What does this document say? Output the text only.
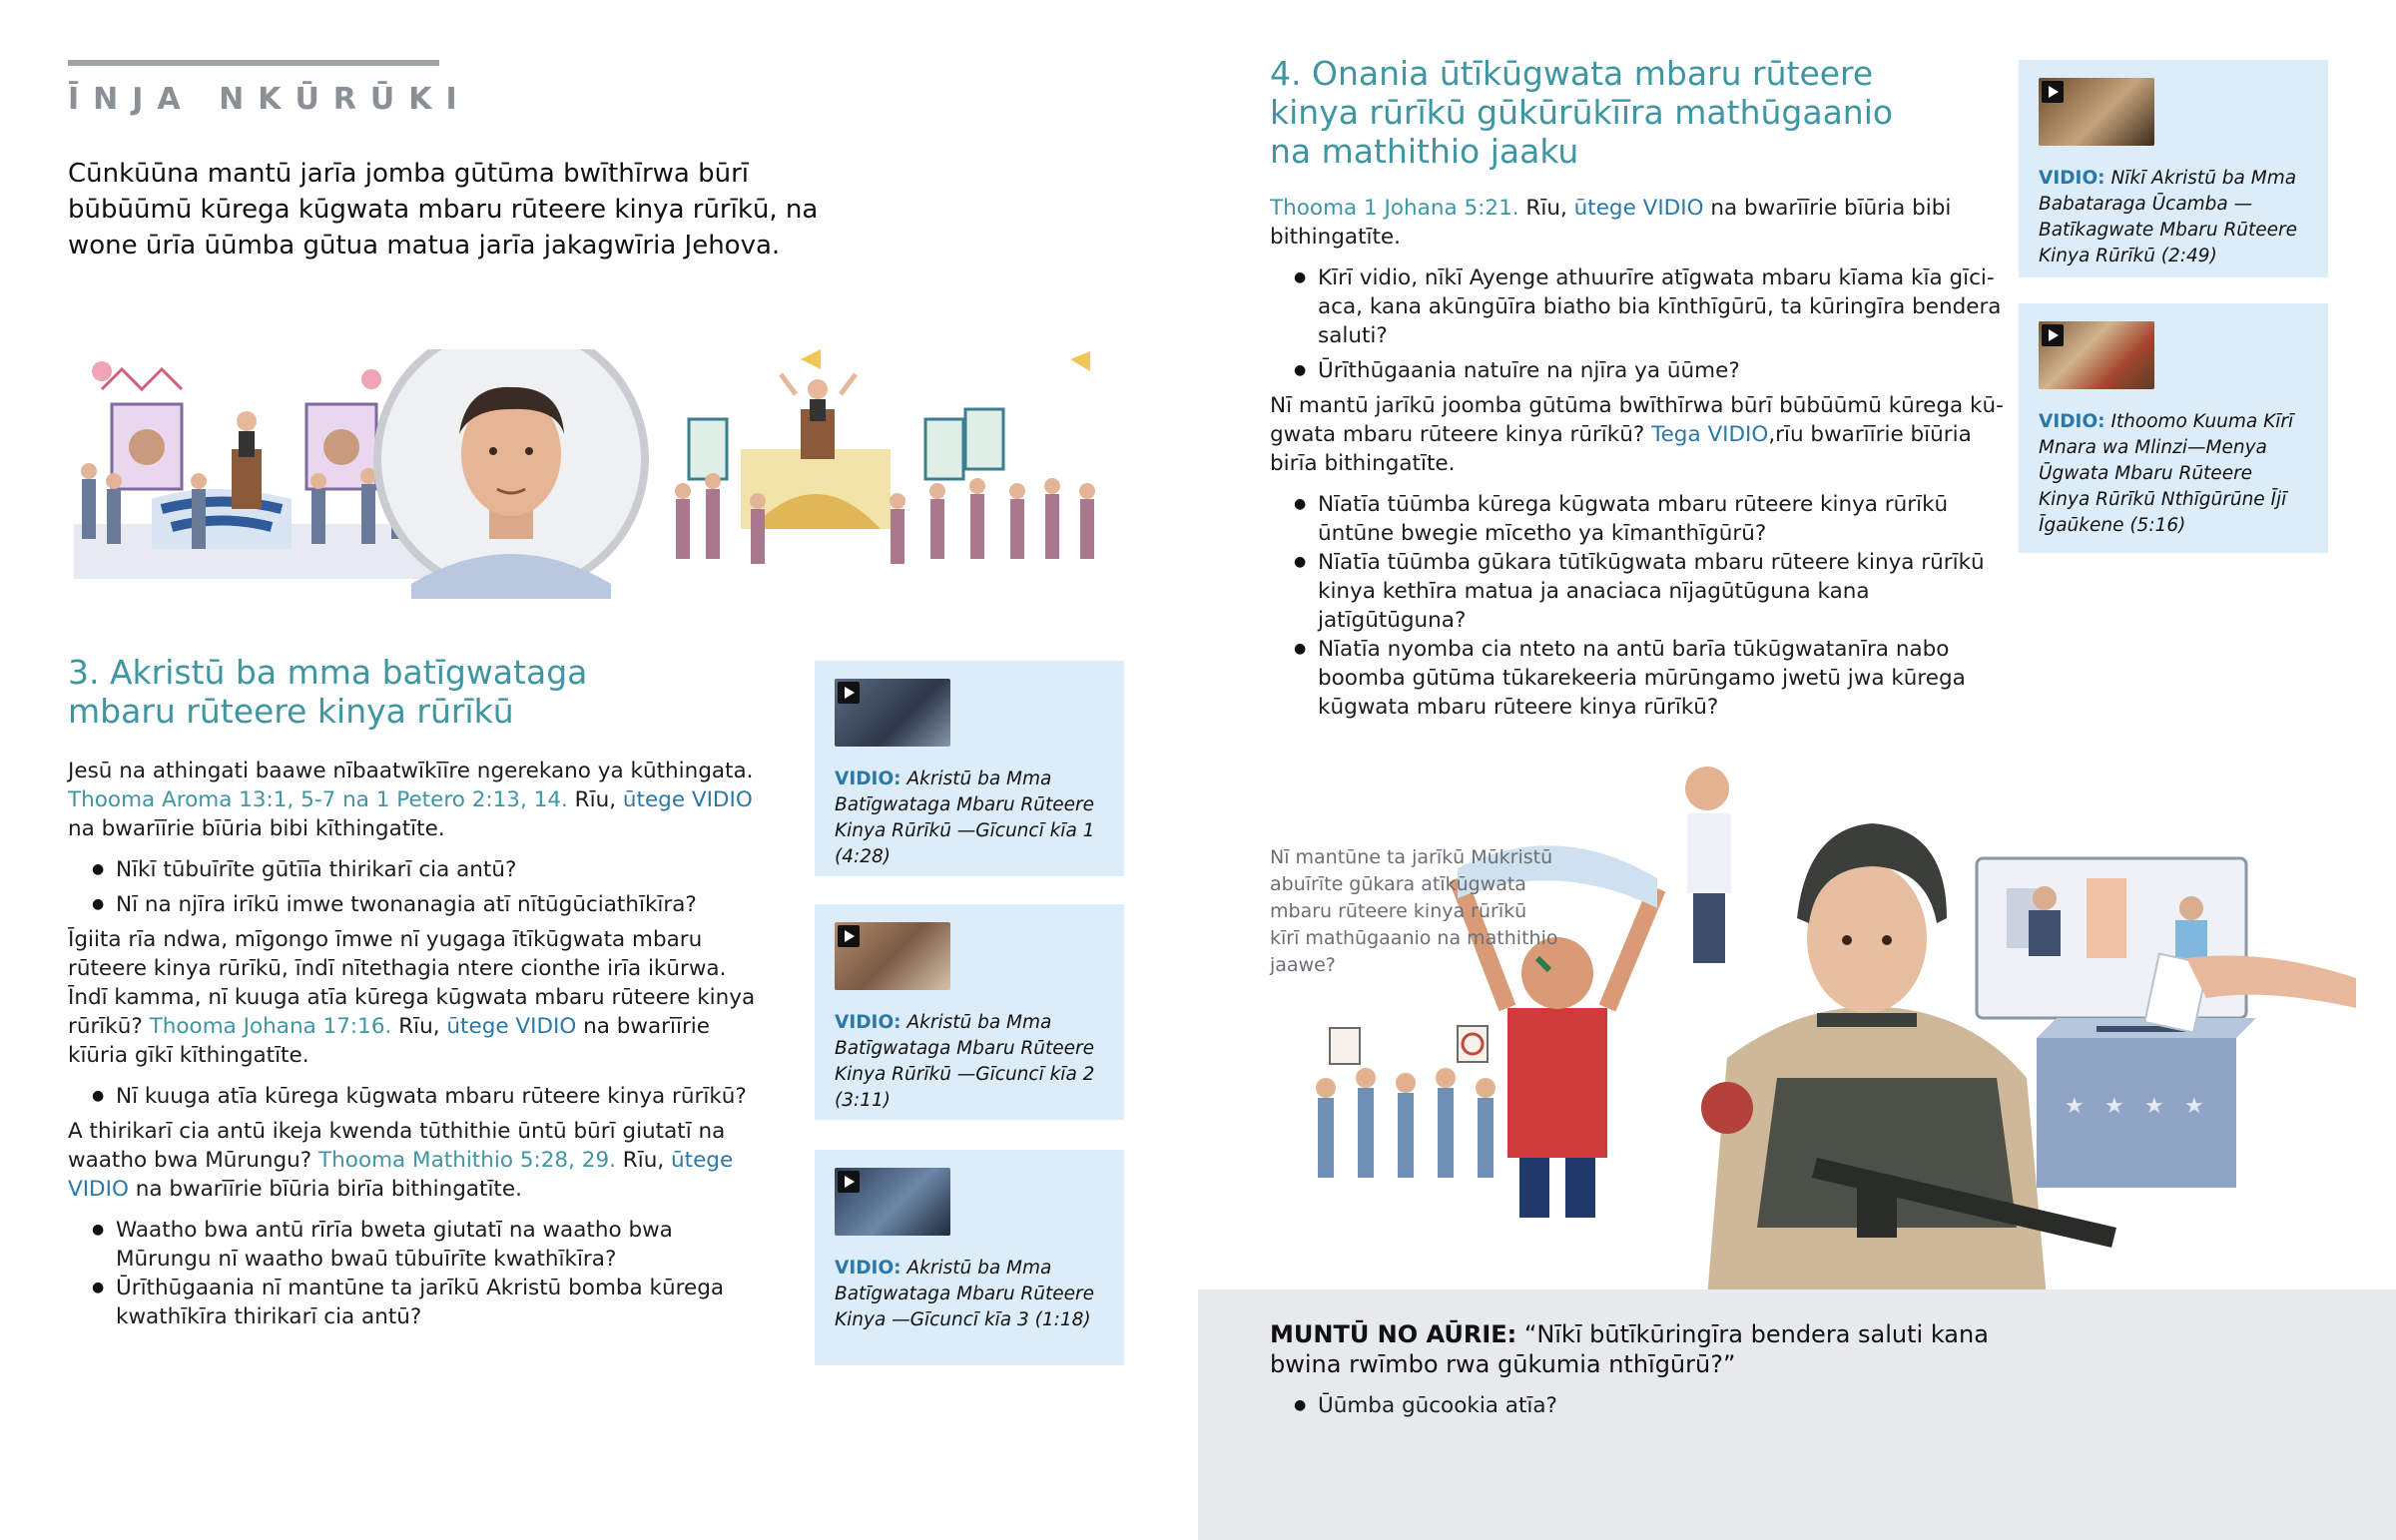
ĪNJA NKŪRŪKI

Cūnkūūna mantū jarīa jomba gūtūma bwīthīrwa būrī būbūūmū kūrega kūgwata mbaru rūteere kinya rūrīkū, na wone ūrīa ūūmba gūtua matua jarīa jakagwīria Jehova.

3. Akristū ba mma batīgwataga mbaru rūteere kinya rūrīkū

Jesū na athingati baawe nībaatwīkīīre ngerekano ya kūthingata. Thooma Aroma 13:1, 5-7 na 1 Petero 2:13, 14. Rīu, ūtege VIDIO na bwarīīrie bīūria bibi kīthingatīte.

● Nīkī tūbuīrīte gūtīīa thirikarī cia antū?
● Nī na njīra irīkū imwe twonanagia atī nītūgūciathīkīra?

Īgiita rīa ndwa, mīgongo īmwe nī yugaga ītīkūgwata mbaru rūteere kinya rūrīkū, īndī nītethagia ntere cionthe irīa ikūrwa. Īndī kamma, nī kuuga atīa kūrega kūgwata mbaru rūteere kinya rūrīkū? Thooma Johana 17:16. Rīu, ūtege VIDIO na bwarīīrie kīūria gīkī kīthingatīte.

● Nī kuuga atīa kūrega kūgwata mbaru rūteere kinya rūrīkū?

A thirikarī cia antū ikeja kwenda tūthithie ūntū būrī giutatī na waatho bwa Mūrungu? Thooma Mathithio 5:28, 29. Rīu, ūtege VIDIO na bwarīīrie bīūria birīa bithingatīte.

● Waatho bwa antū rīrīa bweta giutatī na waatho bwa Mūrungu nī waatho bwaū tūbuīrīte kwathīkīra?
● Ūrīthūgaania nī mantūne ta jarīkū Akristū bomba kūrega kwathīkīra thirikarī cia antū?

VIDIO: Akristū ba Mma Batīgwataga Mbaru Rūteere Kinya Rūrīkū —Gīcuncī kīa 1 (4:28)

VIDIO: Akristū ba Mma Batīgwataga Mbaru Rūteere Kinya Rūrīkū —Gīcuncī kīa 2 (3:11)

VIDIO: Akristū ba Mma Batīgwataga Mbaru Rūteere Kinya —Gīcuncī kīa 3 (1:18)

4. Onania ūtīkūgwata mbaru rūteere kinya rūrīkū gūkūrūkīīra mathūgaanio na mathithio jaaku

Thooma 1 Johana 5:21. Rīu, ūtege VIDIO na bwarīīrie bīūria bibi bithingatīte.

● Kīrī vidio, nīkī Ayenge athuurīre atīgwata mbaru kīama kīa gīciaca, kana akūngūīra biatho bia kīnthīgūrū, ta kūringīra bendera saluti?
● Ūrīthūgaania natuīre na njīra ya ūūme?

Nī mantū jarīkū joomba gūtūma bwīthīrwa būrī būbūūmū kūrega kūgwata mbaru rūteere kinya rūrīkū? Tega VIDIO,rīu bwarīīrie bīūria birīa bithingatīte.

● Nīatīa tūūmba kūrega kūgwata mbaru rūteere kinya rūrīkū ūntūne bwegie mīcetho ya kīmanthīgūrū?
● Nīatīa tūūmba gūkara tūtīkūgwata mbaru rūteere kinya rūrīkū kinya kethīra matua ja anaciaca nījagūtūguna kana jatīgūtūguna?
● Nīatīa nyomba cia nteto na antū barīa tūkūgwatanīra nabo boomba gūtūma tūkarekeeria mūrūngamo jwetū jwa kūrega kūgwata mbaru rūteere kinya rūrīkū?

VIDIO: Nīkī Akristū ba Mma Babataraga Ūcamba —Batīkagwate Mbaru Rūteere Kinya Rūrīkū (2:49)

VIDIO: Ithoomo Kuuma Kīrī Mnara wa Mlinzi—Menya Ūgwata Mbaru Rūteere Kinya Rūrīkū Nthīgūrūne Ījī Īgaūkene (5:16)

★ ★ ★ ★

Nī mantūne ta jarīkū Mūkristū abuīrīte gūkara atīkūgwata mbaru rūteere kinya rūrīkū kīrī mathūgaanio na mathithio jaawe?

MUNTŪ NO AŪRIE: “Nīkī būtīkūringīra bendera saluti kana bwina rwīmbo rwa gūkumia nthīgūrū?”

● Ūūmba gūcookia atīa?
